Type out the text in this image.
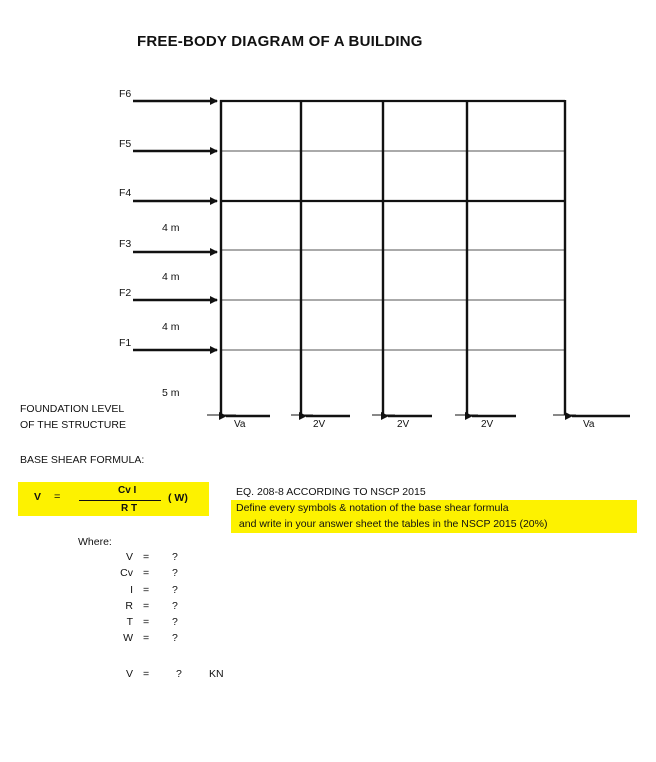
FREE-BODY DIAGRAM OF A BUILDING
F6
F5
F4
F3
F2
F1
4 m
4 m
4 m
5 m
FOUNDATION LEVEL
OF THE STRUCTURE	Va	2V	2V	2V	Va
BASE SHEAR FORMULA:
V =
Cv I
R T
( W)	EQ. 208-8 ACCORDING TO NSCP 2015
Define every symbols & notation of the base shear formula
and write in your answer sheet the tables in the NSCP 2015 (20%)
Where:
V = ?
Cv = ?
I = ?
R = ?
T = ?
W = ?
V =	?	KN
